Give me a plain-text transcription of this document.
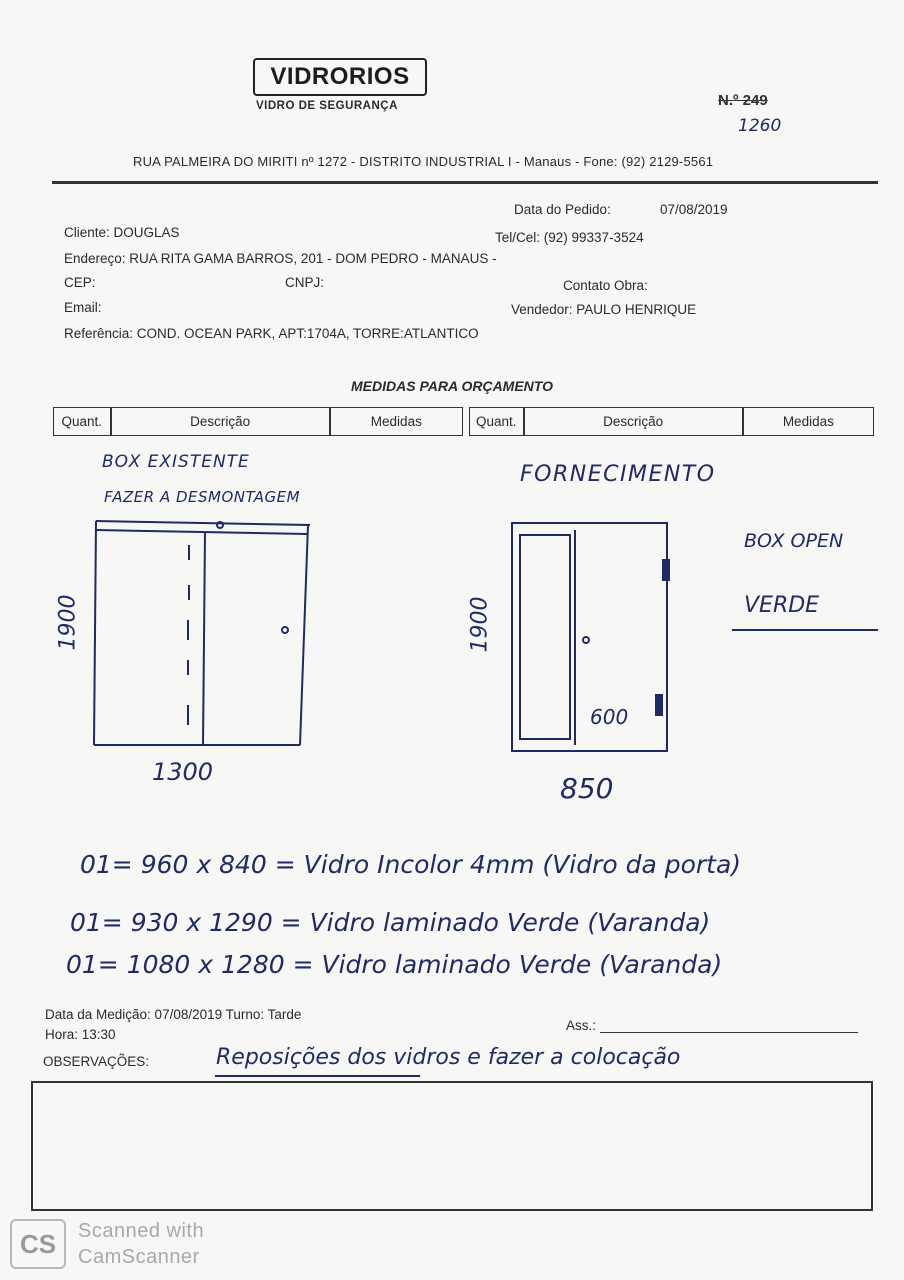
VIDRORIOS
VIDRO DE SEGURANÇA	N.º 249
1260
RUA PALMEIRA DO MIRITI nº 1272 - DISTRITO INDUSTRIAL I - Manaus - Fone: (92) 2129-5561
Data do Pedido:	07/08/2019
Cliente: DOUGLAS	Tel/Cel: (92) 99337-3524
Endereço: RUA RITA GAMA BARROS, 201 - DOM PEDRO - MANAUS -
CEP:	CNPJ:	Contato Obra:
Email:	Vendedor: PAULO HENRIQUE
Referência: COND. OCEAN PARK, APT:1704A, TORRE:ATLANTICO
MEDIDAS PARA ORÇAMENTO
Quant.	Descrição	Medidas		Quant.	Descrição	Medidas
BOX EXISTENTE
FAZER A DESMONTAGEM
1900
1300
FORNECIMENTO
BOX OPEN
VERDE
1900
600
850
01= 960 x 840 = Vidro Incolor 4mm (Vidro da porta)
01= 930 x 1290 = Vidro laminado Verde (Varanda)
01= 1080 x 1280 = Vidro laminado Verde (Varanda)
Data da Medição: 07/08/2019 Turno: Tarde
Hora: 13:30
Ass.:
OBSERVAÇÕES:	Reposições dos vidros e fazer a colocação
CS	Scanned with
CamScanner
